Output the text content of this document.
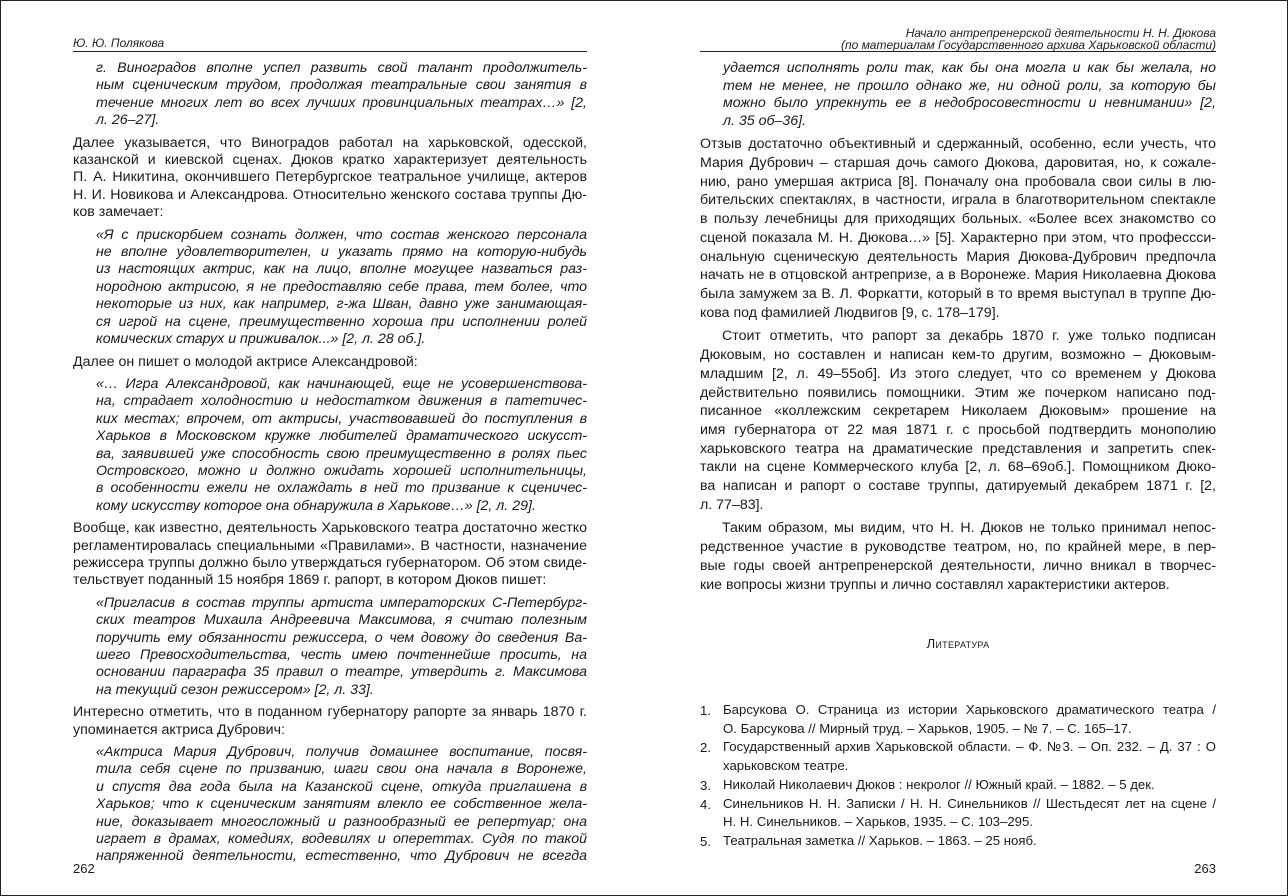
Ю. Ю. Полякова
г. Виноградов вполне успел развить свой талант продолжитель-
ным сценическим трудом, продолжая театральные свои занятия в
течение многих лет во всех лучших провинциальных театрах…» [2,
л. 26–27].
Далее указывается, что Виноградов работал на харьковской, одесской,
казанской и киевской сценах. Дюков кратко характеризует деятельность
П. А. Никитина, окончившего Петербургское театральное училище, актеров
Н. И. Новикова и Александрова. Относительно женского состава труппы Дю-
ков замечает:
«Я с прискорбием сознать должен, что состав женского персонала
не вполне удовлетворителен, и указать прямо на которую-нибудь
из настоящих актрис, как на лицо, вполне могущее назваться раз-
нородною актрисою, я не предоставляю себе права, тем более, что
некоторые из них, как например, г-жа Шван, давно уже занимающая-
ся игрой на сцене, преимущественно хороша при исполнении ролей
комических старух и приживалок...» [2, л. 28 об.].
Далее он пишет о молодой актрисе Александровой:
«… Игра Александровой, как начинающей, еще не усовершенствова-
на, страдает холодностию и недостатком движения в патетичес-
ких местах; впрочем, от актрисы, участвовавшей до поступления в
Харьков в Московском кружке любителей драматического искусст-
ва, заявившей уже способность свою преимущественно в ролях пьес
Островского, можно и должно ожидать хорошей исполнительницы,
в особенности ежели не охлаждать в ней то призвание к сценичес-
кому искусству которое она обнаружила в Харькове…» [2, л. 29].
Вообще, как известно, деятельность Харьковского театра достаточно жестко
регламентировалась специальными «Правилами». В частности, назначение
режиссера труппы должно было утверждаться губернатором. Об этом свиде-
тельствует поданный 15 ноября 1869 г. рапорт, в котором Дюков пишет:
«Пригласив в состав труппы артиста императорских С-Петербург-
ских театров Михаила Андреевича Максимова, я считаю полезным
поручить ему обязанности режиссера, о чем довожу до сведения Ва-
шего Превосходительства, честь имею почтеннейше просить, на
основании параграфа 35 правил о театре, утвердить г. Максимова
на текущий сезон режиссером» [2, л. 33].
Интересно отметить, что в поданном губернатору рапорте за январь 1870 г.
упоминается актриса Дубрович:
«Актриса Мария Дубрович, получив домашнее воспитание, посвя-
тила себя сцене по призванию, шаги свои она начала в Воронеже,
и спустя два года была на Казанской сцене, откуда приглашена в
Харьков; что к сценическим занятиям влекло ее собственное жела-
ние, доказывает многосложный и разнообразный ее репертуар; она
играет в драмах, комедиях, водевилях и опереттах. Судя по такой
напряженной деятельности, естественно, что Дубрович не всегда
262
Начало антрепренерской деятельности Н. Н. Дюкова
(по материалам Государственного архива Харьковской области)
удается исполнять роли так, как бы она могла и как бы желала, но
тем не менее, не прошло однако же, ни одной роли, за которую бы
можно было упрекнуть ее в недобросовестности и невнимании» [2,
л. 35 об–36].
Отзыв достаточно объективный и сдержанный, особенно, если учесть, что
Мария Дубрович – старшая дочь самого Дюкова, даровитая, но, к сожале-
нию, рано умершая актриса [8]. Поначалу она пробовала свои силы в лю-
бительских спектаклях, в частности, играла в благотворительном спектакле
в пользу лечебницы для приходящих больных. «Более всех знакомство со
сценой показала М. Н. Дюкова…» [5]. Характерно при этом, что профессси-
ональную сценическую деятельность Мария Дюкова-Дубрович предпочла
начать не в отцовской антрепризе, а в Воронеже. Мария Николаевна Дюкова
была замужем за В. Л. Форкатти, который в то время выступал в труппе Дю-
кова под фамилией Людвигов [9, с. 178–179].
Стоит отметить, что рапорт за декабрь 1870 г. уже только подписан
Дюковым, но составлен и написан кем-то другим, возможно – Дюковым-
младшим [2, л. 49–55об]. Из этого следует, что со временем у Дюкова
действительно появились помощники. Этим же почерком написано под-
писанное «коллежским секретарем Николаем Дюковым» прошение на
имя губернатора от 22 мая 1871 г. с просьбой подтвердить монополию
харьковского театра на драматические представления и запретить спек-
такли на сцене Коммерческого клуба [2, л. 68–69об.]. Помощником Дюко-
ва написан и рапорт о составе труппы, датируемый декабрем 1871 г. [2,
л. 77–83].
Таким образом, мы видим, что Н. Н. Дюков не только принимал непос-
редственное участие в руководстве театром, но, по крайней мере, в пер-
вые годы своей антрепренерской деятельности, лично вникал в творчес-
кие вопросы жизни труппы и лично составлял характеристики актеров.
Литература
1. Барсукова О. Страница из истории Харьковского драматического театра /
О. Барсукова // Мирный труд. – Харьков, 1905. – № 7. – С. 165–17.
2. Государственный архив Харьковской области. – Ф. №3. – Оп. 232. – Д. 37 : О
харьковском театре.
3. Николай Николаевич Дюков : некролог // Южный край. – 1882. – 5 дек.
4. Синельников Н. Н. Записки / Н. Н. Синельников // Шестьдесят лет на сцене /
Н. Н. Синельников. – Харьков, 1935. – С. 103–295.
5. Театральная заметка // Харьков. – 1863. – 25 нояб.
263
